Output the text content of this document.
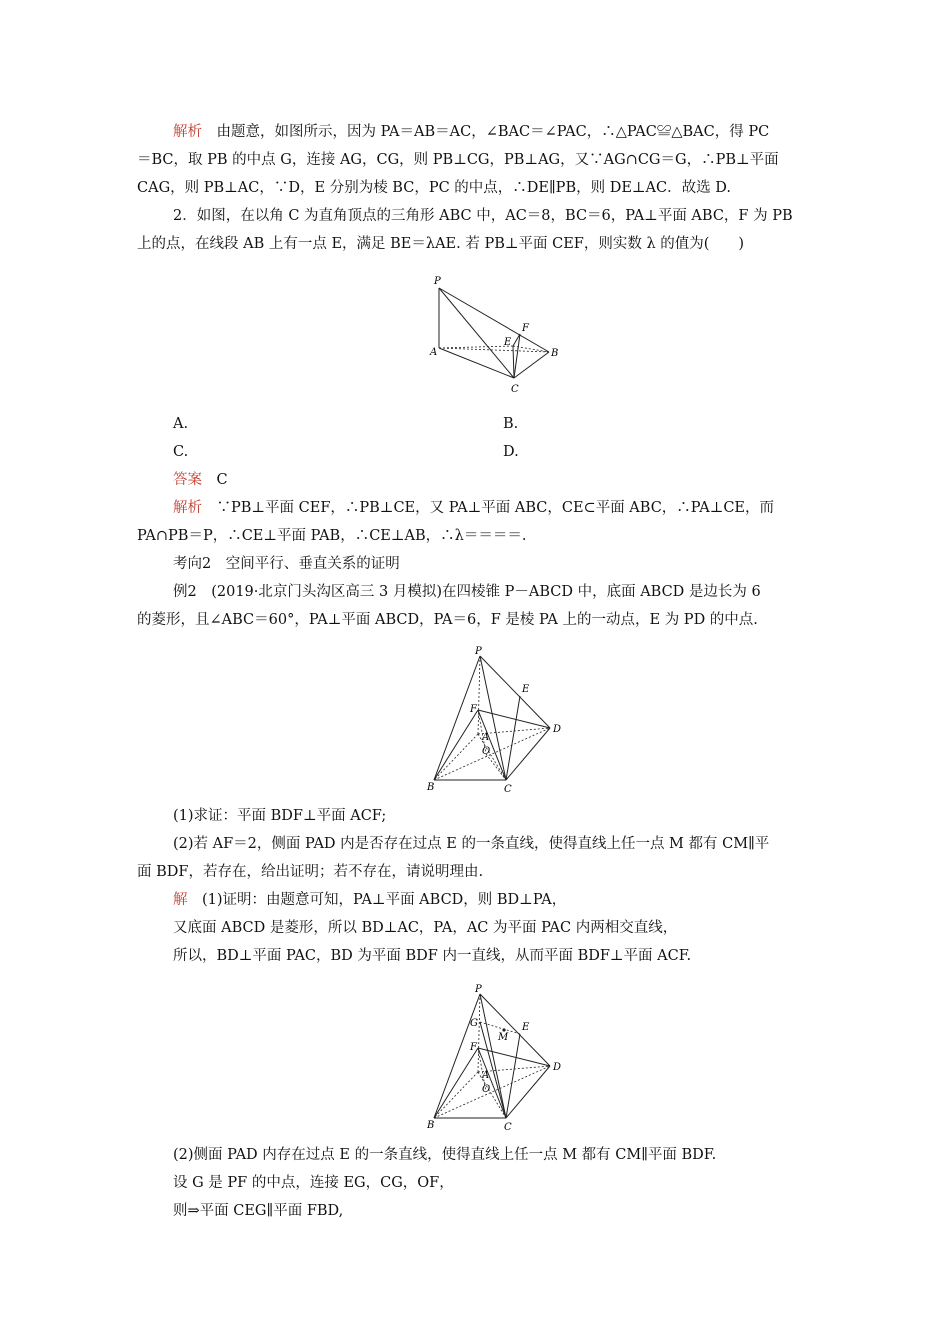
解析　 由题意，如图所示，因为 PA＝AB＝AC，∠BAC＝∠PAC，∴△PAC≌△BAC，得 PC
＝BC，取 PB 的中点 G，连接 AG，CG，则 PB⊥CG，PB⊥AG，又∵AG∩CG＝G，∴PB⊥平面
CAG，则 PB⊥AC，∵D，E 分别为棱 BC，PC 的中点，∴DE∥PB，则 DE⊥AC．故选 D.
2．如图，在以角 C 为直角顶点的三角形 ABC 中，AC＝8，BC＝6，PA⊥平面 ABC，F 为 PB
上的点，在线段 AB 上有一点 E，满足 BE＝λAE. 若 PB⊥平面 CEF，则实数 λ 的值为(　　)
P
A	B
C
E
F
A.	B.
C.	D.
答案　 C
解析　 ∵PB⊥平面 CEF，∴PB⊥CE，又 PA⊥平面 ABC，CE⊂平面 ABC，∴PA⊥CE，而
PA∩PB＝P，∴CE⊥平面 PAB，∴CE⊥AB，∴λ＝＝＝＝.
考向2　空间平行、垂直关系的证明
例2　(2019·北京门头沟区高三 3 月模拟)在四棱锥 P－ABCD 中，底面 ABCD 是边长为 6
的菱形，且∠ABC＝60°，PA⊥平面 ABCD，PA＝6，F 是棱 PA 上的一动点，E 为 PD 的中点.
P
E
F
A
O
D
B	C
(1)求证：平面 BDF⊥平面 ACF;
(2)若 AF＝2，侧面 PAD 内是否存在过点 E 的一条直线，使得直线上任一点 M 都有 CM∥平
面 BDF，若存在，给出证明；若不存在，请说明理由.
解　 (1)证明：由题意可知，PA⊥平面 ABCD，则 BD⊥PA，
又底面 ABCD 是菱形，所以 BD⊥AC，PA，AC 为平面 PAC 内两相交直线，
所以，BD⊥平面 PAC，BD 为平面 BDF 内一直线，从而平面 BDF⊥平面 ACF.
P
G
M
E
F
A
O
D
B	C
(2)侧面 PAD 内存在过点 E 的一条直线，使得直线上任一点 M 都有 CM∥平面 BDF.
设 G 是 PF 的中点，连接 EG，CG，OF，
则⇒平面 CEG∥平面 FBD,
